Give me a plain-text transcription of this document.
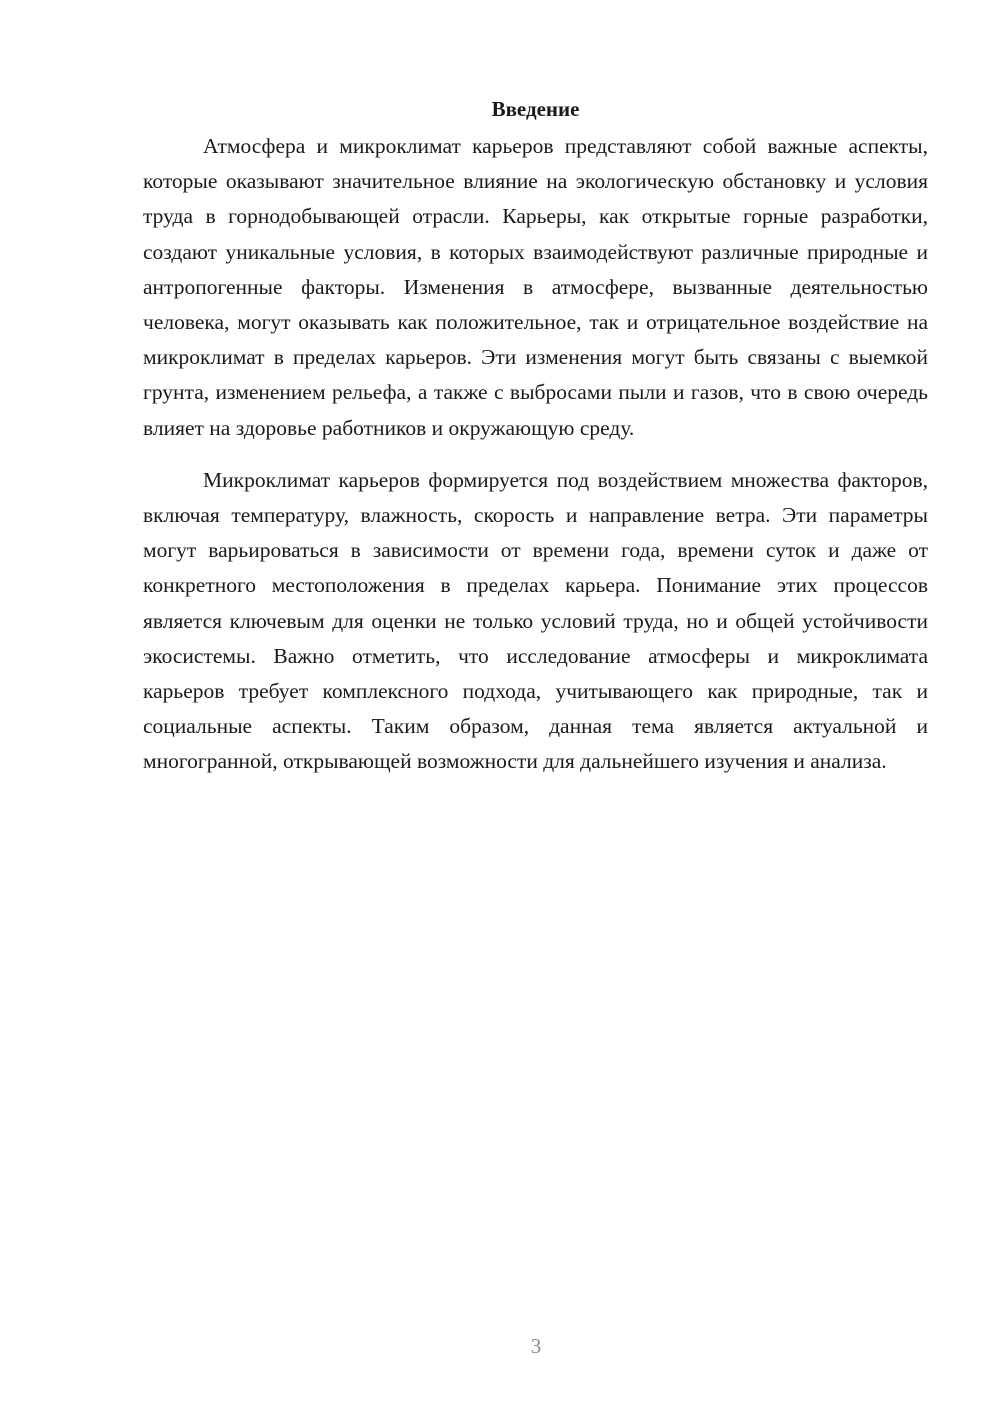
Введение

Атмосфера и микроклимат карьеров представляют собой важные аспекты, которые оказывают значительное влияние на экологическую обстановку и условия труда в горнодобывающей отрасли. Карьеры, как открытые горные разработки, создают уникальные условия, в которых взаимодействуют различные природные и антропогенные факторы. Изменения в атмосфере, вызванные деятельностью человека, могут оказывать как положительное, так и отрицательное воздействие на микроклимат в пределах карьеров. Эти изменения могут быть связаны с выемкой грунта, изменением рельефа, а также с выбросами пыли и газов, что в свою очередь влияет на здоровье работников и окружающую среду.

Микроклимат карьеров формируется под воздействием множества факторов, включая температуру, влажность, скорость и направление ветра. Эти параметры могут варьироваться в зависимости от времени года, времени суток и даже от конкретного местоположения в пределах карьера. Понимание этих процессов является ключевым для оценки не только условий труда, но и общей устойчивости экосистемы. Важно отметить, что исследование атмосферы и микроклимата карьеров требует комплексного подхода, учитывающего как природные, так и социальные аспекты. Таким образом, данная тема является актуальной и многогранной, открывающей возможности для дальнейшего изучения и анализа.

3
